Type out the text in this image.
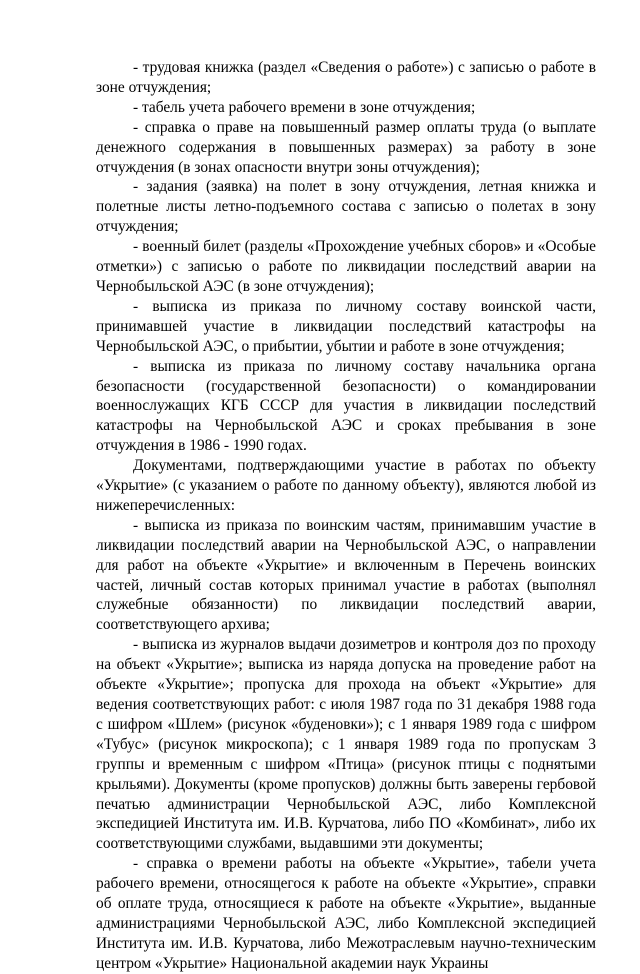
- трудовая книжка (раздел «Сведения о работе») с записью о работе в зоне отчуждения;

- табель учета рабочего времени в зоне отчуждения;

- справка о праве на повышенный размер оплаты труда (о выплате денежного содержания в повышенных размерах) за работу в зоне отчуждения (в зонах опасности внутри зоны отчуждения);

- задания (заявка) на полет в зону отчуждения, летная книжка и полетные листы летно-подъемного состава с записью о полетах в зону отчуждения;

- военный билет (разделы «Прохождение учебных сборов» и «Особые отметки») с записью о работе по ликвидации последствий аварии на Чернобыльской АЭС (в зоне отчуждения);

- выписка из приказа по личному составу воинской части, принимавшей участие в ликвидации последствий катастрофы на Чернобыльской АЭС, о прибытии, убытии и работе в зоне отчуждения;

- выписка из приказа по личному составу начальника органа безопасности (государственной безопасности) о командировании военнослужащих КГБ СССР для участия в ликвидации последствий катастрофы на Чернобыльской АЭС и сроках пребывания в зоне отчуждения в 1986 - 1990 годах.

Документами, подтверждающими участие в работах по объекту «Укрытие» (с указанием о работе по данному объекту), являются любой из нижеперечисленных:

- выписка из приказа по воинским частям, принимавшим участие в ликвидации последствий аварии на Чернобыльской АЭС, о направлении для работ на объекте «Укрытие» и включенным в Перечень воинских частей, личный состав которых принимал участие в работах (выполнял служебные обязанности) по ликвидации последствий аварии, соответствующего архива;

- выписка из журналов выдачи дозиметров и контроля доз по проходу на объект «Укрытие»; выписка из наряда допуска на проведение работ на объекте «Укрытие»; пропуска для прохода на объект «Укрытие» для ведения соответствующих работ: с июля 1987 года по 31 декабря 1988 года с шифром «Шлем» (рисунок «буденовки»); с 1 января 1989 года с шифром «Тубус» (рисунок микроскопа); с 1 января 1989 года по пропускам 3 группы и временным с шифром «Птица» (рисунок птицы с поднятыми крыльями). Документы (кроме пропусков) должны быть заверены гербовой печатью администрации Чернобыльской АЭС, либо Комплексной экспедицией Института им. И.В. Курчатова, либо ПО «Комбинат», либо их соответствующими службами, выдавшими эти документы;

- справка о времени работы на объекте «Укрытие», табели учета рабочего времени, относящегося к работе на объекте «Укрытие», справки об оплате труда, относящиеся к работе на объекте «Укрытие», выданные администрациями Чернобыльской АЭС, либо Комплексной экспедицией Института им. И.В. Курчатова, либо Межотраслевым научно-техническим центром «Укрытие» Национальной академии наук Украины
